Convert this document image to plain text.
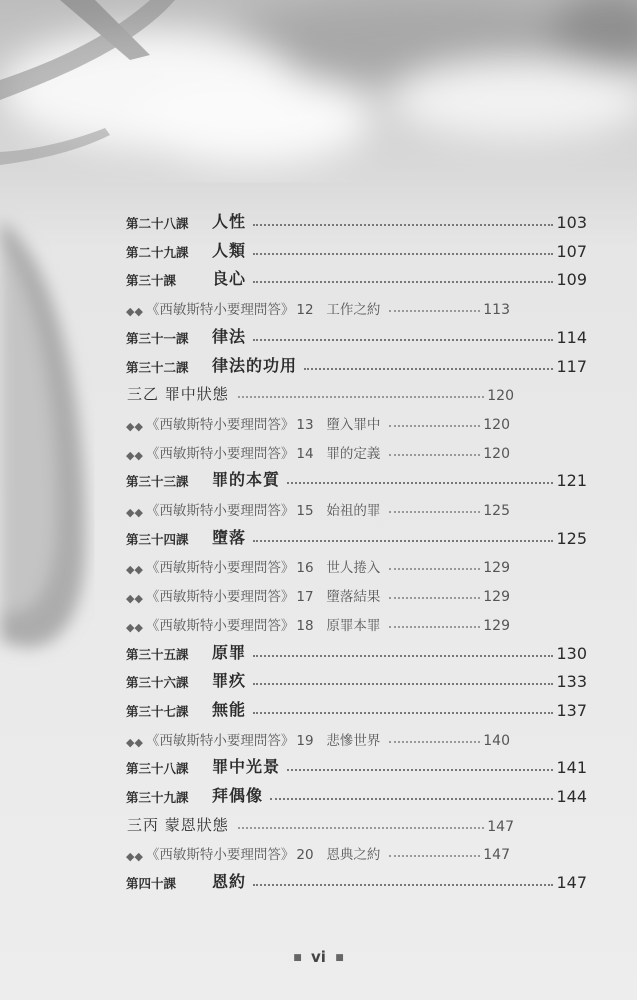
第二十八課	人性	103
第二十九課	人類	107
第三十課	良心	109
◆◆ 《西敏斯特小要理問答》 12 工作之約	113
第三十一課	律法	114
第三十二課	律法的功用	117
三乙 罪中狀態	120
◆◆ 《西敏斯特小要理問答》 13 墮入罪中	120
◆◆ 《西敏斯特小要理問答》 14 罪的定義	120
第三十三課	罪的本質	121
◆◆ 《西敏斯特小要理問答》 15 始祖的罪	125
第三十四課	墮落	125
◆◆ 《西敏斯特小要理問答》 16 世人捲入	129
◆◆ 《西敏斯特小要理問答》 17 墮落結果	129
◆◆ 《西敏斯特小要理問答》 18 原罪本罪	129
第三十五課	原罪	130
第三十六課	罪疚	133
第三十七課	無能	137
◆◆ 《西敏斯特小要理問答》 19 悲慘世界	140
第三十八課	罪中光景	141
第三十九課	拜偶像	144
三丙 蒙恩狀態	147
◆◆ 《西敏斯特小要理問答》 20 恩典之約	147
第四十課	恩約	147
■ vi ■
